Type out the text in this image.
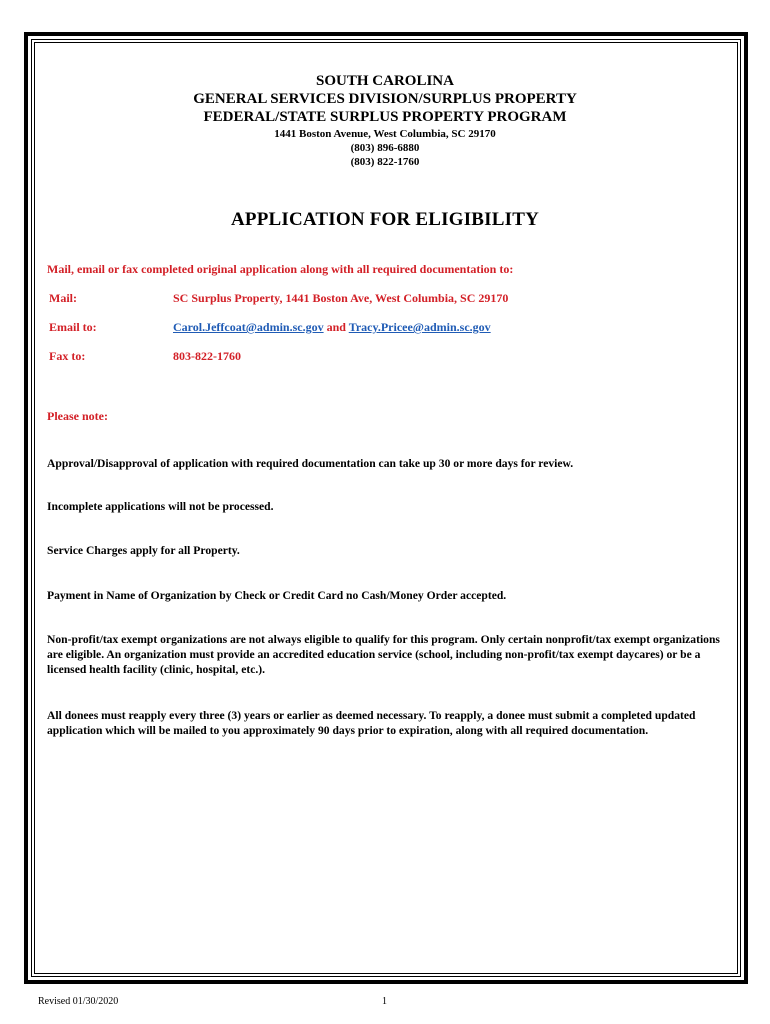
SOUTH CAROLINA
GENERAL SERVICES DIVISION/SURPLUS PROPERTY
FEDERAL/STATE SURPLUS PROPERTY PROGRAM
1441 Boston Avenue, West Columbia, SC 29170
(803) 896-6880
(803) 822-1760
APPLICATION FOR ELIGIBILITY
Mail, email or fax completed original application along with all required documentation to:
Mail:	SC Surplus Property, 1441 Boston Ave, West Columbia, SC 29170
Email to:	Carol.Jeffcoat@admin.sc.gov and Tracy.Pricee@admin.sc.gov
Fax to:	803-822-1760
Please note:
Approval/Disapproval of application with required documentation can take up 30 or more days for review.
Incomplete applications will not be processed.
Service Charges apply for all Property.
Payment in Name of Organization by Check or Credit Card no Cash/Money Order accepted.
Non-profit/tax exempt organizations are not always eligible to qualify for this program. Only certain nonprofit/tax exempt organizations are eligible. An organization must provide an accredited education service (school, including non-profit/tax exempt daycares) or be a licensed health facility (clinic, hospital, etc.).
All donees must reapply every three (3) years or earlier as deemed necessary. To reapply, a donee must submit a completed updated application which will be mailed to you approximately 90 days prior to expiration, along with all required documentation.
Revised 01/30/2020	1
